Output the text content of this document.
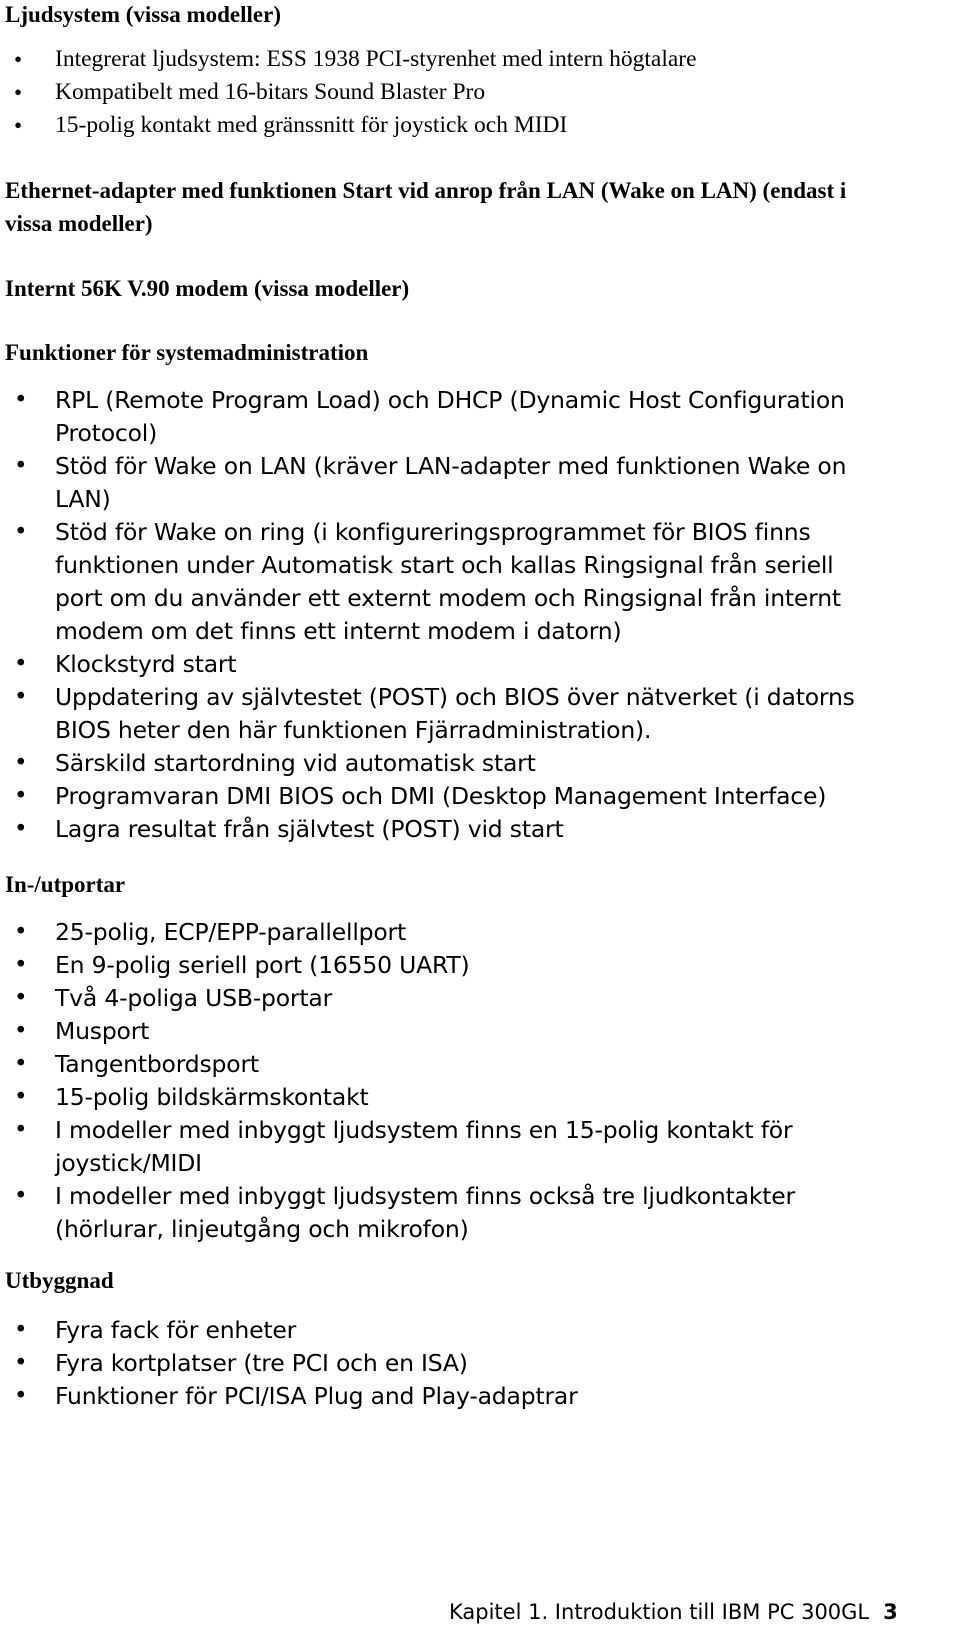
Ljudsystem (vissa modeller)
• Integrerat ljudsystem: ESS 1938 PCI-styrenhet med intern högtalare
• Kompatibelt med 16-bitars Sound Blaster Pro
• 15-polig kontakt med gränssnitt för joystick och MIDI
Ethernet-adapter med funktionen Start vid anrop från LAN (Wake on LAN) (endast i vissa modeller)
Internt 56K V.90 modem (vissa modeller)
Funktioner för systemadministration
• RPL (Remote Program Load) och DHCP (Dynamic Host Configuration Protocol)
• Stöd för Wake on LAN (kräver LAN-adapter med funktionen Wake on LAN)
• Stöd för Wake on ring (i konfigureringsprogrammet för BIOS finns funktionen under Automatisk start och kallas Ringsignal från seriell port om du använder ett externt modem och Ringsignal från internt modem om det finns ett internt modem i datorn)
• Klockstyrd start
• Uppdatering av självtestet (POST) och BIOS över nätverket (i datorns BIOS heter den här funktionen Fjärradministration).
• Särskild startordning vid automatisk start
• Programvaran DMI BIOS och DMI (Desktop Management Interface)
• Lagra resultat från självtest (POST) vid start
In-/utportar
• 25-polig, ECP/EPP-parallellport
• En 9-polig seriell port (16550 UART)
• Två 4-poliga USB-portar
• Musport
• Tangentbordsport
• 15-polig bildskärmskontakt
• I modeller med inbyggt ljudsystem finns en 15-polig kontakt för joystick/MIDI
• I modeller med inbyggt ljudsystem finns också tre ljudkontakter (hörlurar, linjeutgång och mikrofon)
Utbyggnad
• Fyra fack för enheter
• Fyra kortplatser (tre PCI och en ISA)
• Funktioner för PCI/ISA Plug and Play-adaptrar
Kapitel 1. Introduktion till IBM PC 300GL 3
